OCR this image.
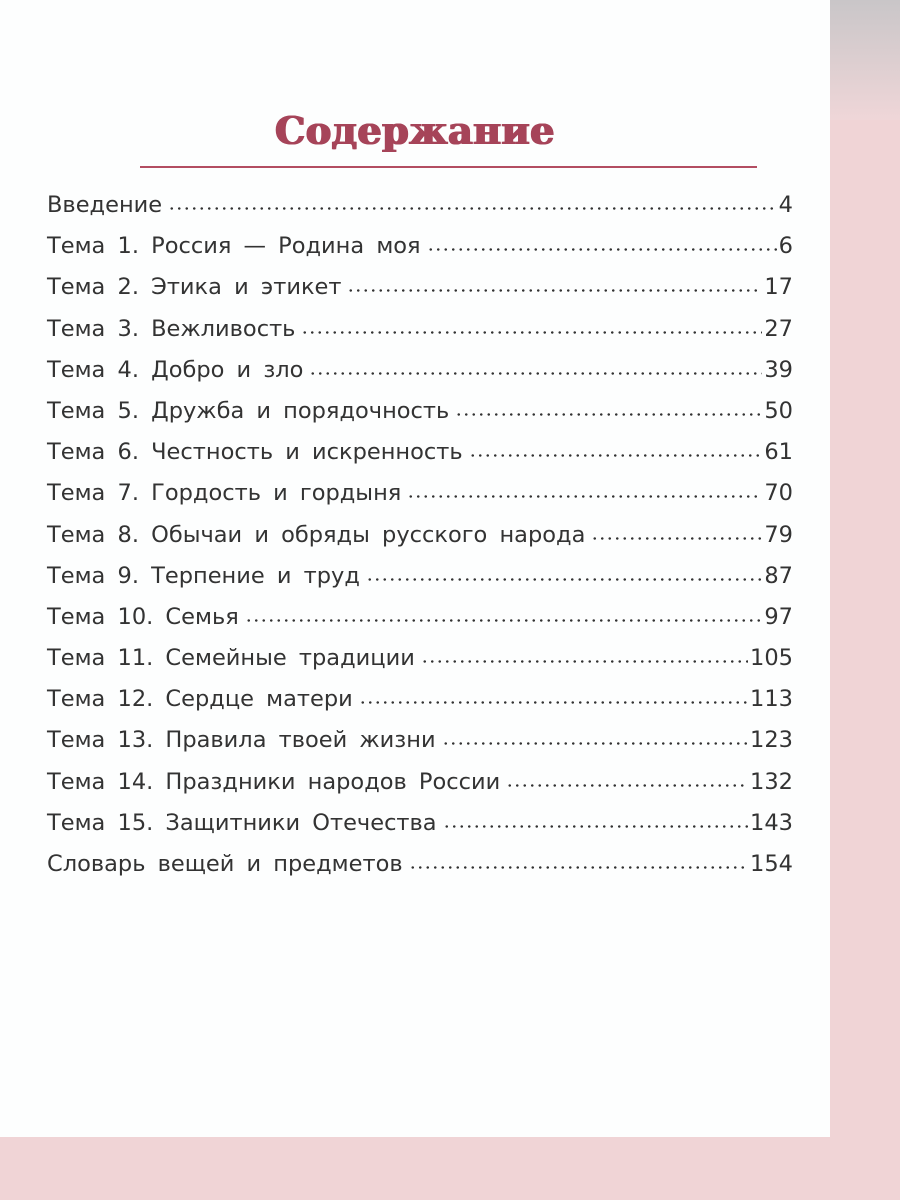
Содержание
Введение	4
Тема 1. Россия — Родина моя	6
Тема 2. Этика и этикет	17
Тема 3. Вежливость	27
Тема 4. Добро и зло	39
Тема 5. Дружба и порядочность	50
Тема 6. Честность и искренность	61
Тема 7. Гордость и гордыня	70
Тема 8. Обычаи и обряды русского народа	79
Тема 9. Терпение и труд	87
Тема 10. Семья	97
Тема 11. Семейные традиции	105
Тема 12. Сердце матери	113
Тема 13. Правила твоей жизни	123
Тема 14. Праздники народов России	132
Тема 15. Защитники Отечества	143
Словарь вещей и предметов	154
